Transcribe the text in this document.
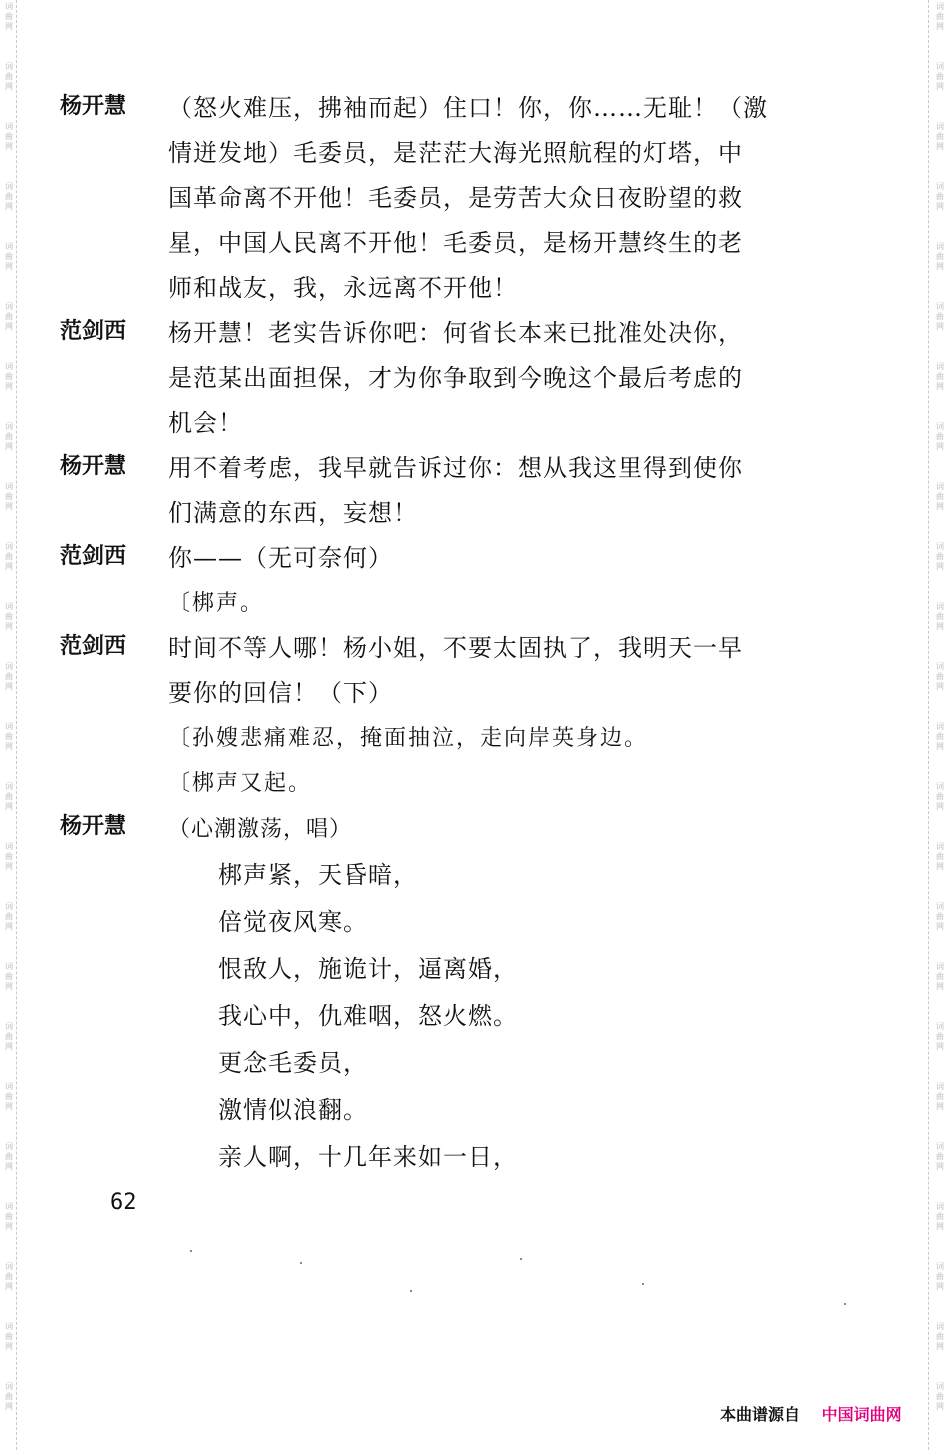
词
曲
网
词
曲
网
词
曲
网
词
曲
网
词
曲
网
词
曲
网
词
曲
网
词
曲
网
词
曲
网
词
曲
网
词
曲
网
词
曲
网
词
曲
网
词
曲
网
词
曲
网
词
曲
网
词
曲
网
词
曲
网
词
曲
网
词
曲
网
词
曲
网
词
曲
网
词
曲
网
词
曲
网
词
曲
网
词
曲
网
词
曲
网
词
曲
网
词
曲
网
词
曲
网
词
曲
网
词
曲
网
词
曲
网
词
曲
网
词
曲
网
词
曲
网
词
曲
网
词
曲
网
词
曲
网
词
曲
网
词
曲
网
词
曲
网
词
曲
网
词
曲
网
词
曲
网
词
曲
网
词
曲
网
词
曲
网
杨开慧	（怒火难压，拂袖而起）住口！你，你……无耻！（激
情迸发地）毛委员，是茫茫大海光照航程的灯塔，中
国革命离不开他！毛委员，是劳苦大众日夜盼望的救
星，中国人民离不开他！毛委员，是杨开慧终生的老
师和战友，我，永远离不开他！
范剑西	杨开慧！老实告诉你吧：何省长本来已批准处决你，
是范某出面担保，才为你争取到今晚这个最后考虑的
机会！
杨开慧	用不着考虑，我早就告诉过你：想从我这里得到使你
们满意的东西，妄想！
范剑西	你——（无可奈何）
〔梆声。
范剑西	时间不等人哪！杨小姐，不要太固执了，我明天一早
要你的回信！（下）
〔孙嫂悲痛难忍，掩面抽泣，走向岸英身边。
〔梆声又起。
杨开慧	（心潮激荡，唱）
梆声紧，天昏暗，
倍觉夜风寒。
恨敌人，施诡计，逼离婚，
我心中，仇难咽，怒火燃。
更念毛委员，
激情似浪翻。
亲人啊，十几年来如一日，
62
本曲谱源自 中国词曲网
